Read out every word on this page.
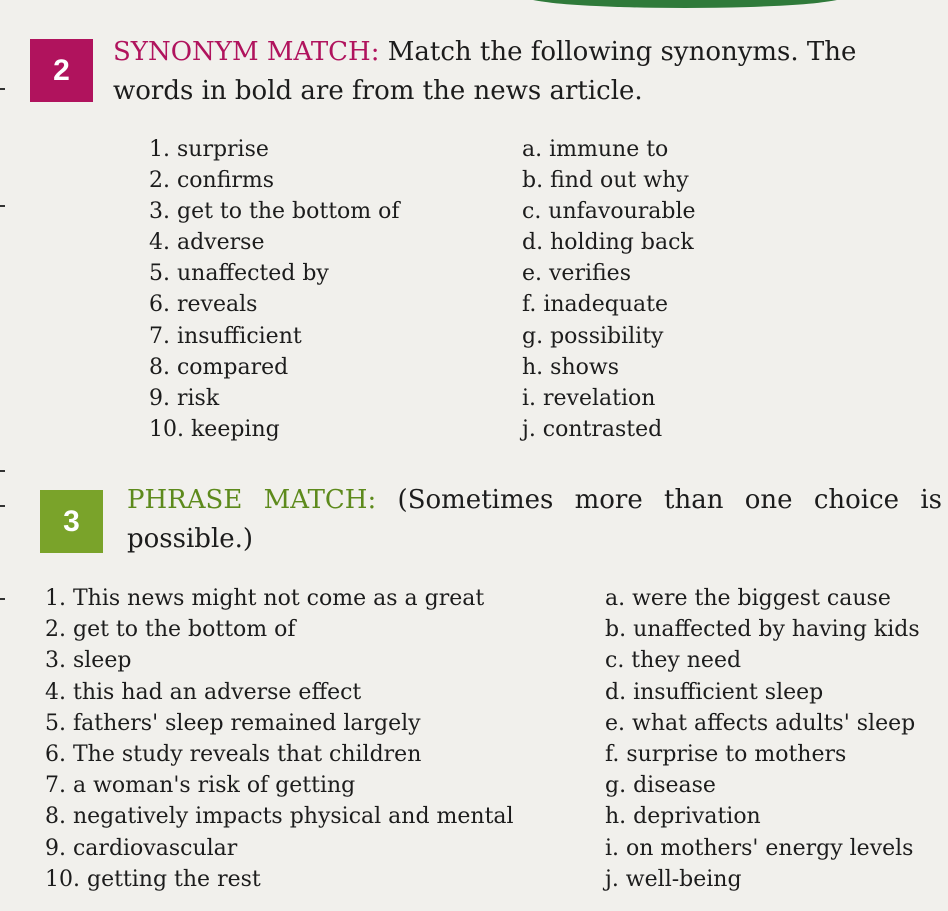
2

SYNONYM MATCH: Match the following synonyms. The words in bold are from the news article.

1. surprise
2. confirms
3. get to the bottom of
4. adverse
5. unaffected by
6. reveals
7. insufficient
8. compared
9. risk
10. keeping
a. immune to
b. find out why
c. unfavourable
d. holding back
e. verifies
f. inadequate
g. possibility
h. shows
i. revelation
j. contrasted
3

PHRASE MATCH: (Sometimes more than one choice is possible.)

1. This news might not come as a great
2. get to the bottom of
3. sleep
4. this had an adverse effect
5. fathers' sleep remained largely
6. The study reveals that children
7. a woman's risk of getting
8. negatively impacts physical and mental
9. cardiovascular
10. getting the rest
a. were the biggest cause
b. unaffected by having kids
c. they need
d. insufficient sleep
e. what affects adults' sleep
f. surprise to mothers
g. disease
h. deprivation
i. on mothers' energy levels
j. well-being
